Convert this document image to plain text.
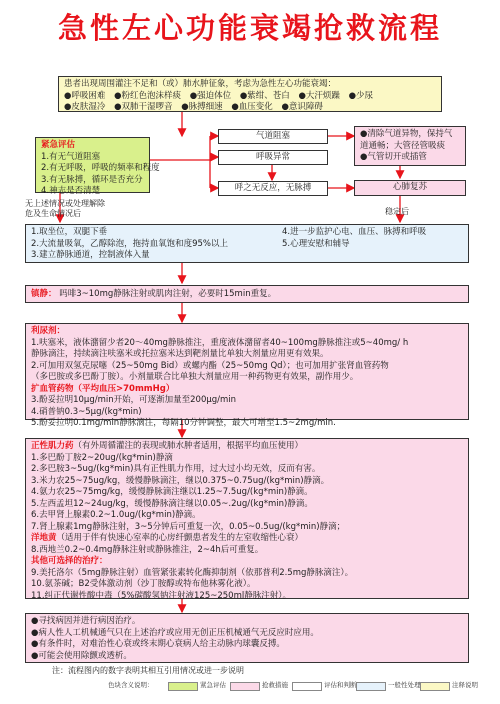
急性左心功能衰竭抢救流程
患者出现周围灌注不足和（或）肺水肿征象，考虑为急性左心功能衰竭：
●呼吸困难 ●粉红色泡沫样痰 ●强迫体位 ●紫绀、苍白 ●大汗烦躁 ●少尿
●皮肤湿冷 ●双肺干湿啰音 ●脉搏细速 ●血压变化 ●意识障碍
紧急评估
1.有无气道阻塞
2.有无呼吸，呼吸的频率和程度
3.有无脉搏，循环是否充分
4.神志是否清楚
气道阻塞
呼吸异常
呼之无反应，无脉搏
●清除气道异物，保持气道通畅；大管径管吸痰
●气管切开或插管
心肺复苏
稳定后
无上述情况或处理解除
危及生命情况后
1.取坐位，双腿下垂
2.大流量吸氧，乙醇除泡，拖持血氧饱和度95%以上
3.建立静脉通道，控制液体入量
4.进一步监护心电、血压、脉搏和呼吸
5.心理安慰和辅导
镇静： 吗啡3~10mg静脉注射或肌肉注射，必要时15min重复。
利尿剂：
1.呋塞米，液体潴留少者20～40mg静脉推注，重度液体潴留者40~100mg静脉推注或5~40mg/ h
静脉滴注，持续滴注呋塞米或托拉塞米达到靶剂量比单独大剂量应用更有效果。
2.可加用双氢克尿噻（25~50mg Bid）或螺内酯（25~50mg Qd）；也可加用扩张肾血管药物
（多巴胺或多巴酚丁胺）。小剂量联合比单独大剂量应用一种药物更有效果，副作用少。
扩血管药物（平均血压>70mmHg）
3.酚妥拉明10μg/min开始，可逐渐加量至200μg/min
4.硝普钠0.3~5μg/(kg*min)
5.酚妥拉明0.1mg/min静脉滴注，每隔10分钟调整，最大可增至1.5~2mg/min.
正性肌力药（有外周循灌注的表现或肺水肿者适用，根据平均血压使用）
1.多巴酚丁胺2~20ug/(kg*min)静滴
2.多巴胺3~5ug/(kg*min)具有正性肌力作用，过大过小均无效，反而有害。
3.米力农25~75ug/kg，缓慢静脉滴注，继以0.375~0.75ug/(kg*min)静滴。
4.氨力农25~75mg/kg，缓慢静脉滴注继以1.25~7.5ug/(kg*min)静滴。
5.左西孟坦12~24ug/kg，缓慢静脉滴注继以0.05~.2ug/(kg*min)静滴。
6.去甲肾上腺素0.2~1.0ug/(kg*min)静滴。
7.肾上腺素1mg静脉注射，3~5分钟后可重复一次，0.05~0.5ug/(kg*min)静滴；
洋地黄（适用于伴有快速心室率的心房纤颤患者发生的左室收缩性心衰）
8.西地兰0.2~0.4mg静脉注射或静脉推注，2~4h后可重复。
其他可选择的治疗：
9.美托洛尔（5mg静脉注射）血管紧张素转化酶抑制剂（依那普利2.5mg静脉滴注）。
10.氨茶碱；B2受体激动剂（沙丁胺醇或特布他林雾化液）。
11.纠正代谢性酸中毒（5%碳酸氢钠注射液125~250ml静脉注射）。
●寻找病因并进行病因治疗。
●病人性人工机械通气只在上述治疗或应用无创正压机械通气无反应时应用。
●有条件时，对难治性心衰或终末期心衰病人给主动脉内球囊反搏。
●可能会使用除颤或透析。
注：流程图内的数字表明其相互引用情况或进一步说明
色块含义说明：	紧急评估	抢救措施	评估和判断	一般性处理	注释说明
